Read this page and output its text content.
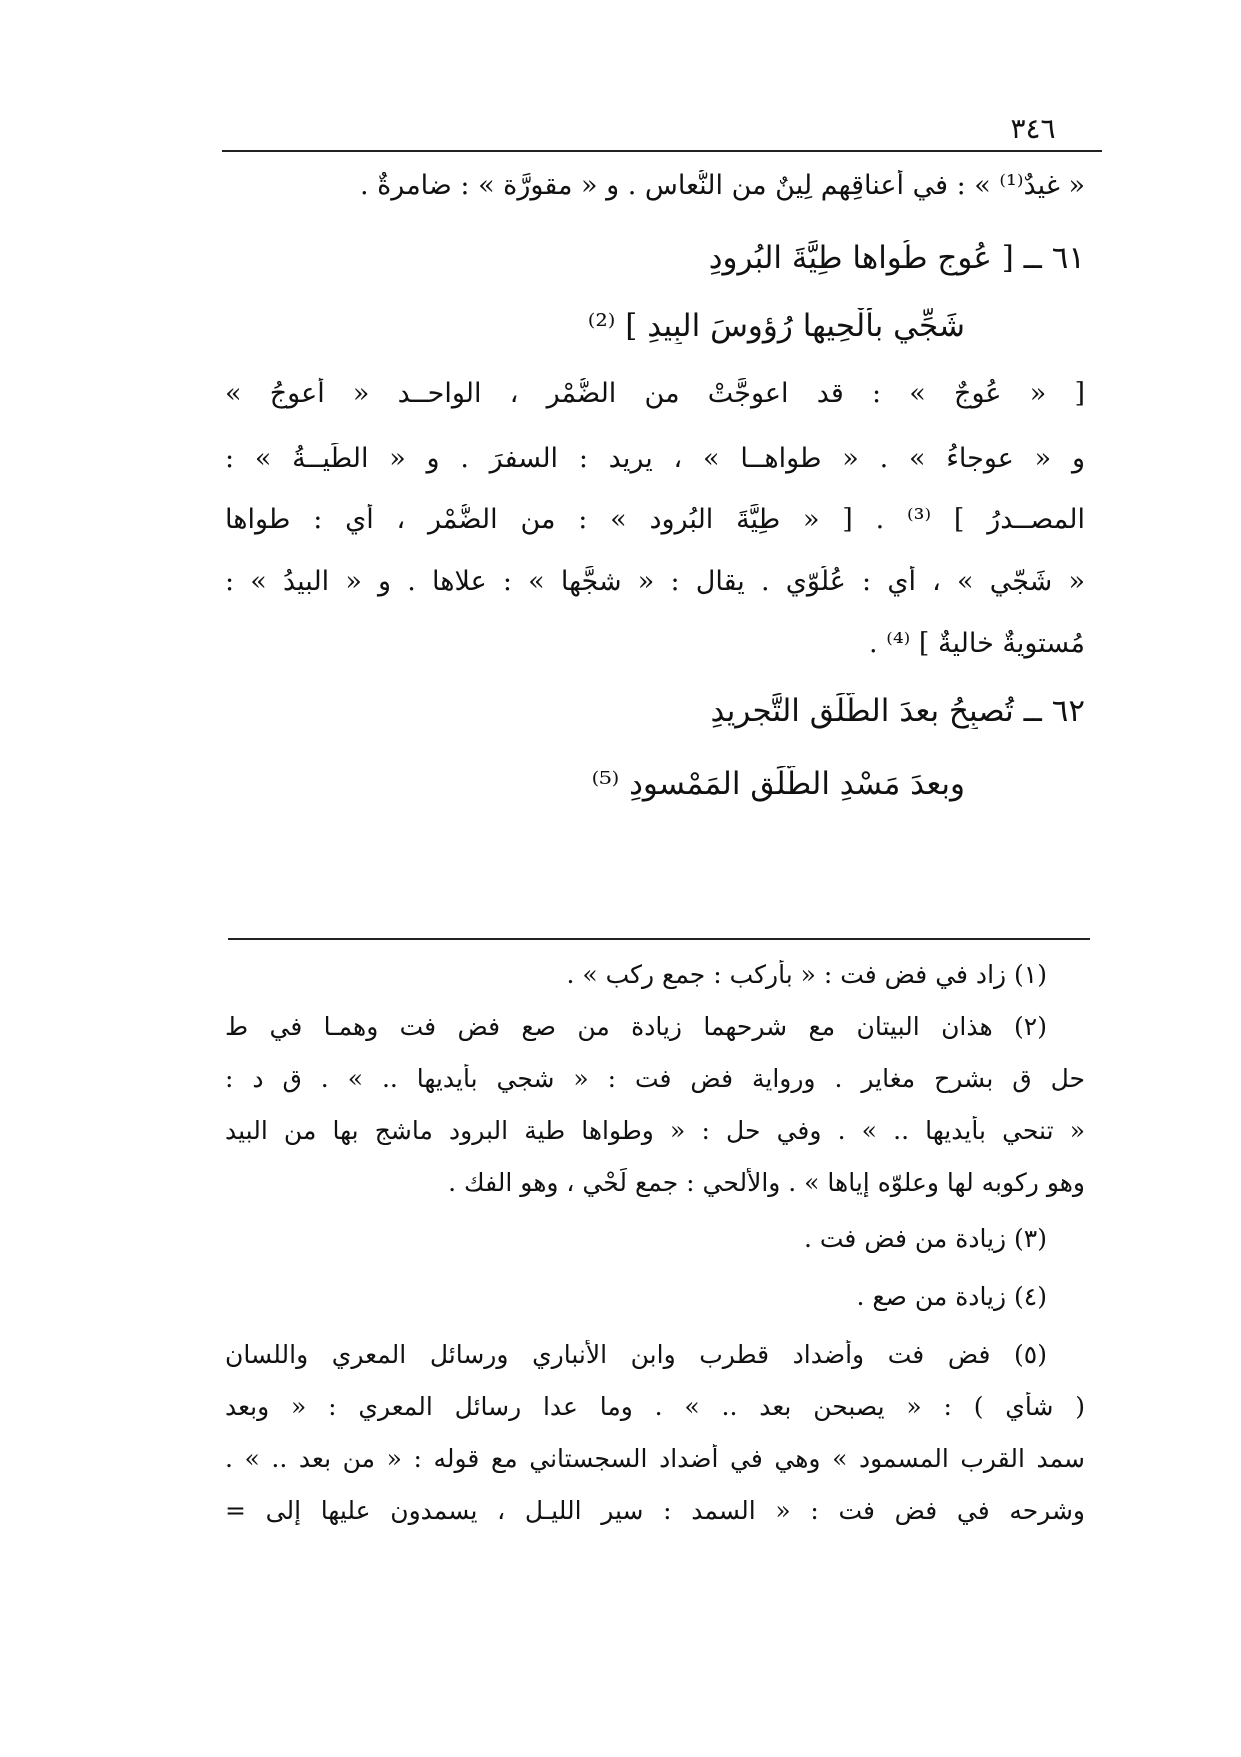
٣٤٦
« غيدٌ⁽¹⁾ » : في أعناقِهم لِينٌ من النُّعاسِ . و « مقورَّة » : ضامرةٌ .
٦١ ــ [ عُوجٍ طُواها طِيَّةَ البُرودِ
شَجِّي بأَلْحِيها رُؤوسَ البِيدِ ] ⁽²⁾
[ « عُوجٌ » : قد اعوجَّتْ من الضُّمْرِ ، الواحــد « أعوجُ »
و « عوجاءُ » . « طواهــا » ، يريد : السفرَ . و « الطِّيــةُ » :
المصــدرُ ] ⁽³⁾ . [ « طِيَّةَ البُرود » : من الضُّمْرِ ، أي : طواها
« شَجّي » ، أي : عُلُوّي . يقال : « شجَّها » : علاها . و « البيدُ » :
مُستويةٌ خاليةٌ ] ⁽⁴⁾ .
٦٢ ــ تُصبِحُ بعدَ الطَّلَقِ التَّجريدِ
وبعدَ مَسْدِ الطَّلَقِ المَمْسودِ ⁽⁵⁾
(١) زاد في فض فت : « بأركب : جمع ركب » .
(٢) هذان البيتان مع شرحهما زيادة من صع فض فت وهمـا في ط
حل ق بشرح مغاير . ورواية فض فت : « شجي بأيديها .. » . ق د :
« تنحي بأيديها .. » . وفي حل : « وطواها طية البرود ماشج بها من البيد
وهو ركوبه لها وعلوّه إياها » . والألحي : جمع لَحْي ، وهو الفك .
(٣) زيادة من فض فت .
(٤) زيادة من صع .
(٥) فض فت وأضداد قطرب وابن الأنباري ورسائل المعري واللسان
( شأي ) : « يصبحن بعد .. » . وما عدا رسائل المعري : « وبعد
سمد القرب المسمود » وهي في أضداد السجستاني مع قوله : « من بعد .. » .
وشرحه في فض فت : « السمد : سير الليـل ، يسمدون عليها إلى =
